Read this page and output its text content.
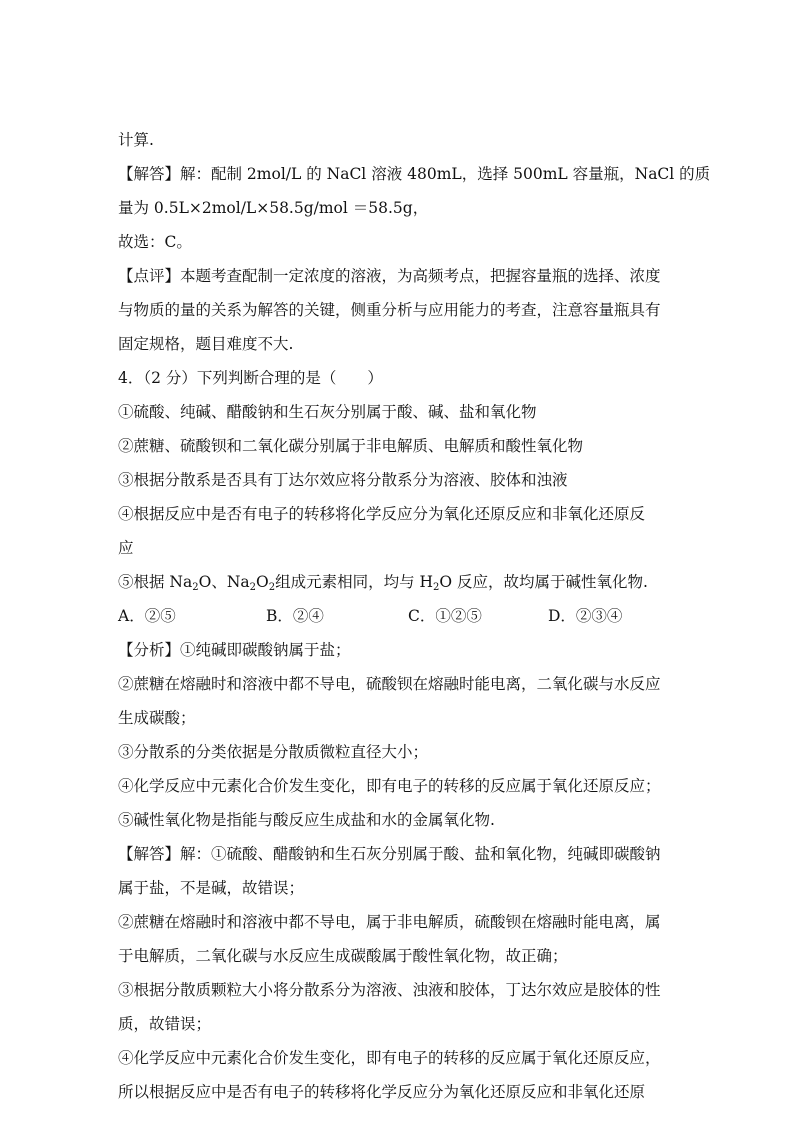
计算.

【解答】解：配制 2mol/L 的 NaCl 溶液 480mL，选择 500mL 容量瓶，NaCl 的质

量为 0.5L×2mol/L×58.5g/mol ＝58.5g，

故选：C。

【点评】本题考查配制一定浓度的溶液，为高频考点，把握容量瓶的选择、浓度

与物质的量的关系为解答的关键，侧重分析与应用能力的考查，注意容量瓶具有

固定规格，题目难度不大.

4．（2 分）下列判断合理的是（　　）

①硫酸、纯碱、醋酸钠和生石灰分别属于酸、碱、盐和氧化物

②蔗糖、硫酸钡和二氧化碳分别属于非电解质、电解质和酸性氧化物

③根据分散系是否具有丁达尔效应将分散系分为溶液、胶体和浊液

④根据反应中是否有电子的转移将化学反应分为氧化还原反应和非氧化还原反

应

⑤根据 $Na_2O$、$Na_2O_2$组成元素相同，均与 $H_2O$ 反应，故均属于碱性氧化物.

A．②⑤	B．②④	C．①②⑤	D．②③④

【分析】①纯碱即碳酸钠属于盐；

②蔗糖在熔融时和溶液中都不导电，硫酸钡在熔融时能电离，二氧化碳与水反应

生成碳酸；

③分散系的分类依据是分散质微粒直径大小；

④化学反应中元素化合价发生变化，即有电子的转移的反应属于氧化还原反应；

⑤碱性氧化物是指能与酸反应生成盐和水的金属氧化物.

【解答】解：①硫酸、醋酸钠和生石灰分别属于酸、盐和氧化物，纯碱即碳酸钠

属于盐，不是碱，故错误；

②蔗糖在熔融时和溶液中都不导电，属于非电解质，硫酸钡在熔融时能电离，属

于电解质，二氧化碳与水反应生成碳酸属于酸性氧化物，故正确；

③根据分散质颗粒大小将分散系分为溶液、浊液和胶体，丁达尔效应是胶体的性

质，故错误；

④化学反应中元素化合价发生变化，即有电子的转移的反应属于氧化还原反应，

所以根据反应中是否有电子的转移将化学反应分为氧化还原反应和非氧化还原
